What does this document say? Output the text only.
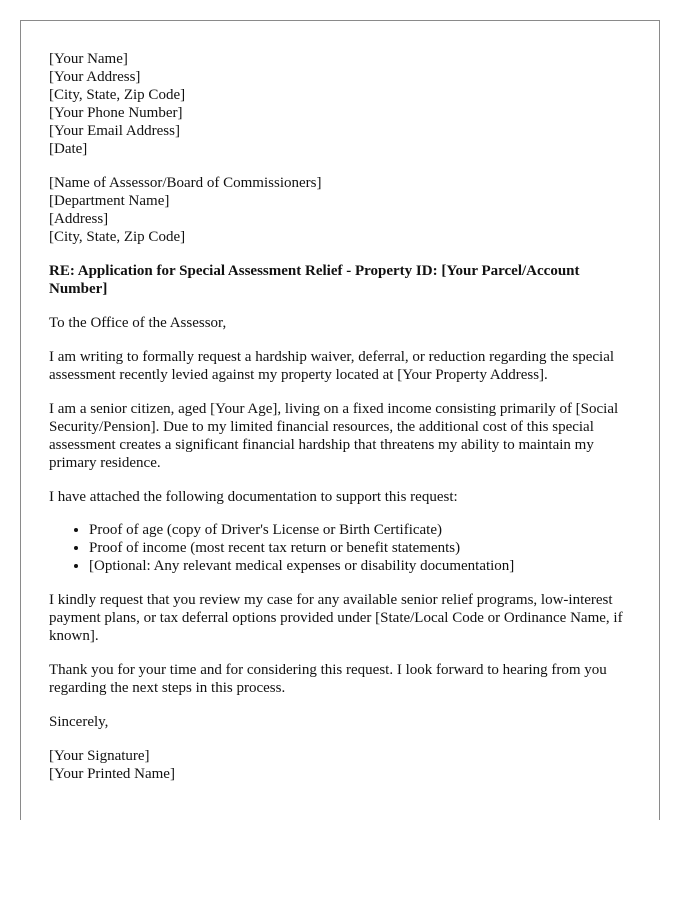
[Your Name]
[Your Address]
[City, State, Zip Code]
[Your Phone Number]
[Your Email Address]
[Date]
[Name of Assessor/Board of Commissioners]
[Department Name]
[Address]
[City, State, Zip Code]

RE: Application for Special Assessment Relief - Property ID: [Your Parcel/Account Number]

To the Office of the Assessor,

I am writing to formally request a hardship waiver, deferral, or reduction regarding the special assessment recently levied against my property located at [Your Property Address].

I am a senior citizen, aged [Your Age], living on a fixed income consisting primarily of [Social Security/Pension]. Due to my limited financial resources, the additional cost of this special assessment creates a significant financial hardship that threatens my ability to maintain my primary residence.

I have attached the following documentation to support this request:

• Proof of age (copy of Driver's License or Birth Certificate)
• Proof of income (most recent tax return or benefit statements)
• [Optional: Any relevant medical expenses or disability documentation]

I kindly request that you review my case for any available senior relief programs, low-interest payment plans, or tax deferral options provided under [State/Local Code or Ordinance Name, if known].

Thank you for your time and for considering this request. I look forward to hearing from you regarding the next steps in this process.

Sincerely,

[Your Signature]
[Your Printed Name]
